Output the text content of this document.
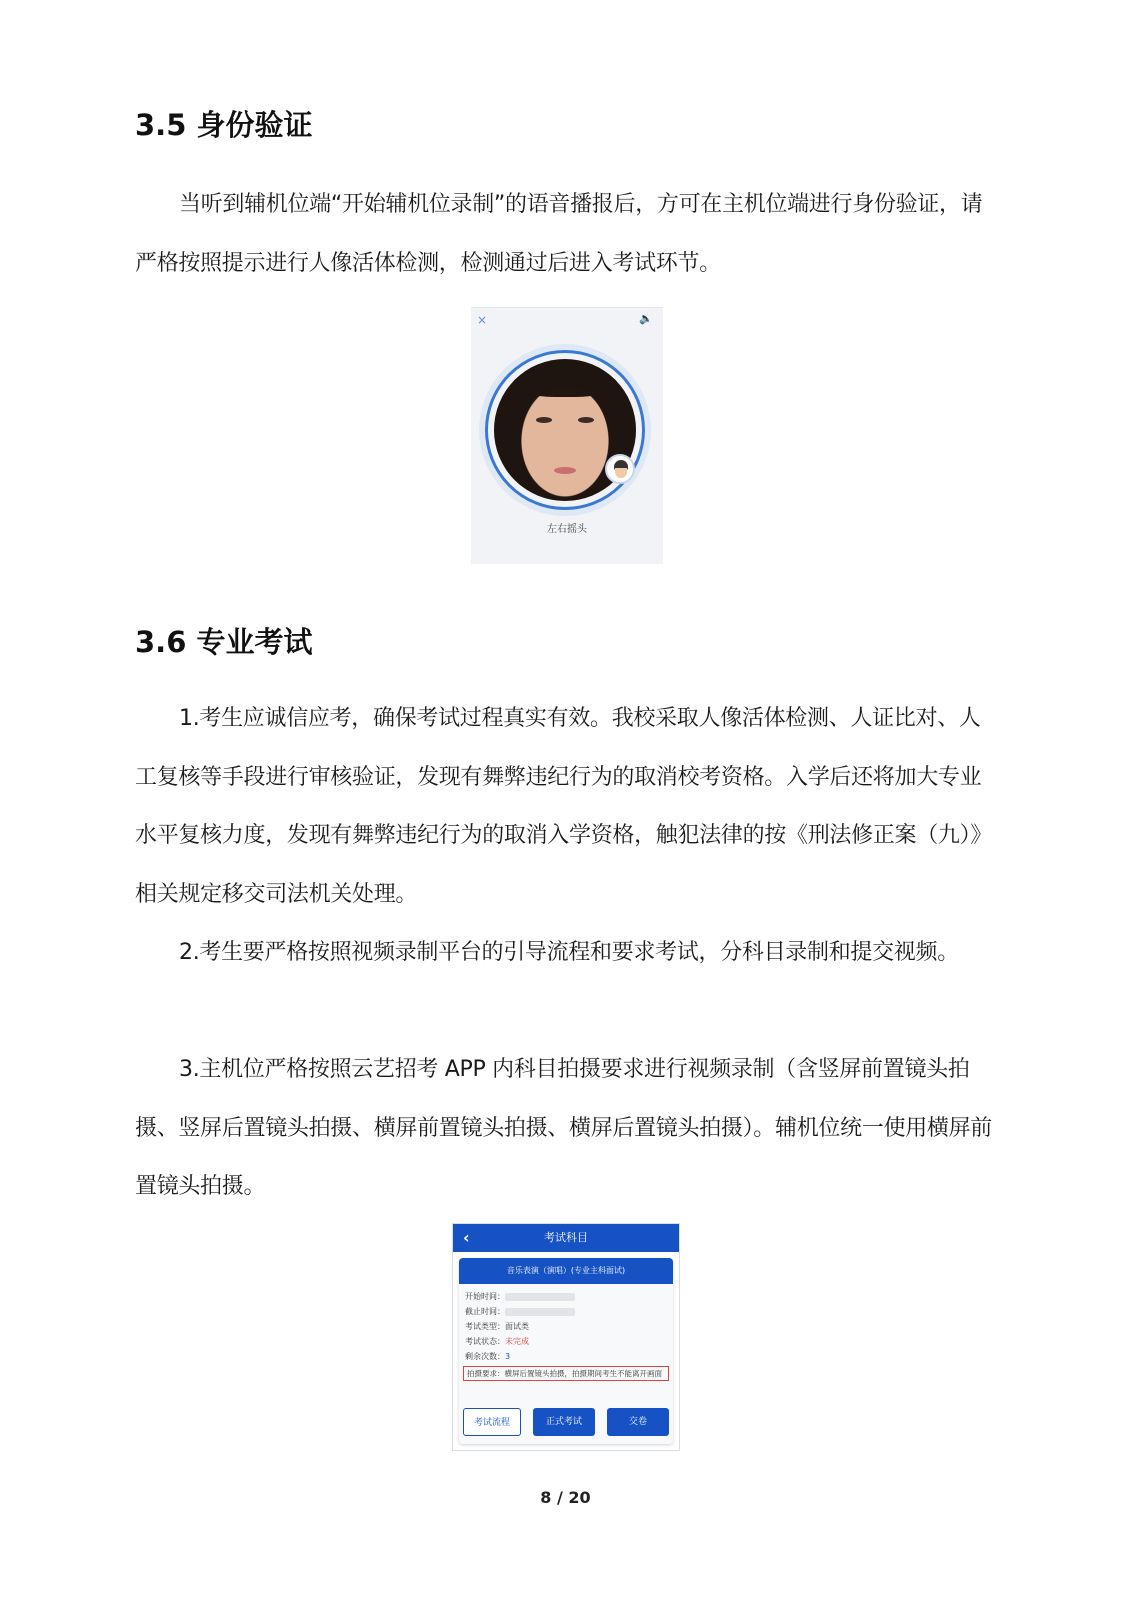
3.5 身份验证

当听到辅机位端“开始辅机位录制”的语音播报后，方可在主机位端进行身份验证，请严格按照提示进行人像活体检测，检测通过后进入考试环节。

×	🔈
左右摇头
3.6 专业考试

1.考生应诚信应考，确保考试过程真实有效。我校采取人像活体检测、人证比对、人工复核等手段进行审核验证，发现有舞弊违纪行为的取消校考资格。入学后还将加大专业水平复核力度，发现有舞弊违纪行为的取消入学资格，触犯法律的按《刑法修正案（九）》相关规定移交司法机关处理。

2.考生要严格按照视频录制平台的引导流程和要求考试，分科目录制和提交视频。

3.主机位严格按照云艺招考 APP 内科目拍摄要求进行视频录制（含竖屏前置镜头拍摄、竖屏后置镜头拍摄、横屏前置镜头拍摄、横屏后置镜头拍摄）。辅机位统一使用横屏前置镜头拍摄。

‹	考试科目
音乐表演（演唱）(专业主科面试)
开始时间：
截止时间：
考试类型：面试类
考试状态：未完成
剩余次数：3
拍摄要求：横屏后置镜头拍摄，拍摄期间考生不能离开画面
考试流程	正式考试	交卷
8 / 20
